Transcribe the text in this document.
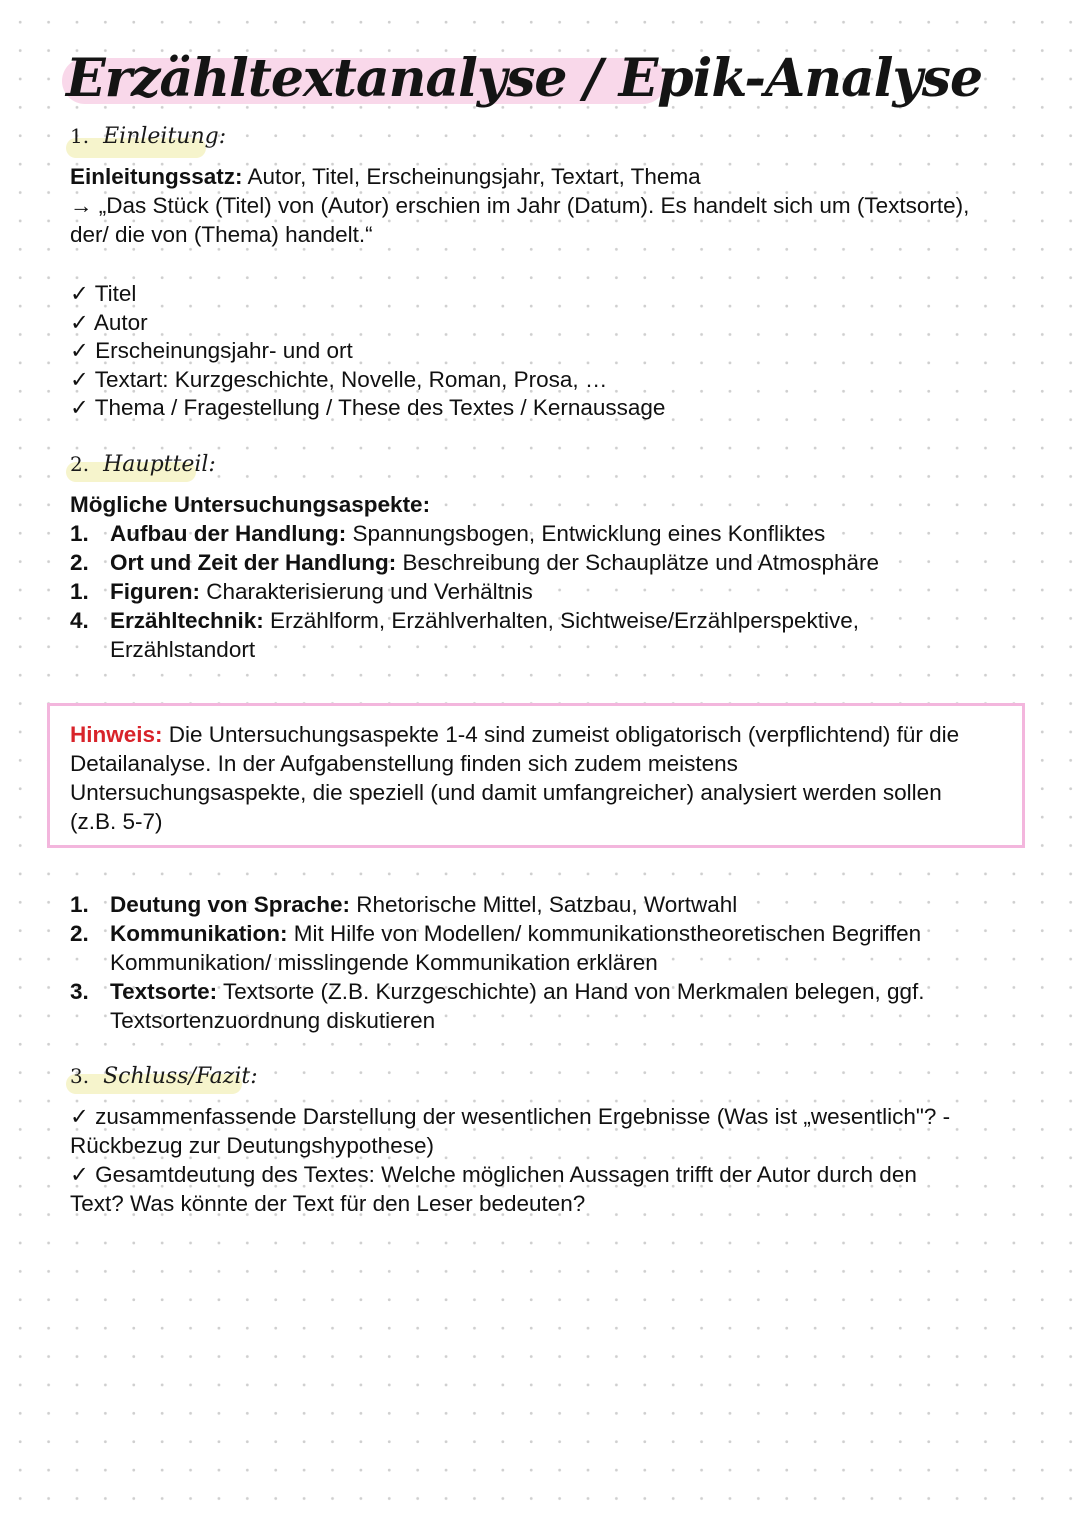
Erzähltextanalyse / Epik-Analyse
1. Einleitung:
Einleitungssatz: Autor, Titel, Erscheinungsjahr, Textart, Thema
→ „Das Stück (Titel) von (Autor) erschien im Jahr (Datum). Es handelt sich um (Textsorte),
der/ die von (Thema) handelt.“
✓ Titel
✓ Autor
✓ Erscheinungsjahr- und ort
✓ Textart: Kurzgeschichte, Novelle, Roman, Prosa, …
✓ Thema / Fragestellung / These des Textes / Kernaussage
2. Hauptteil:
Mögliche Untersuchungsaspekte:
1. Aufbau der Handlung: Spannungsbogen, Entwicklung eines Konfliktes
2. Ort und Zeit der Handlung: Beschreibung der Schauplätze und Atmosphäre
1. Figuren: Charakterisierung und Verhältnis
4. Erzähltechnik: Erzählform, Erzählverhalten, Sichtweise/Erzählperspektive,
Erzählstandort
Hinweis: Die Untersuchungsaspekte 1-4 sind zumeist obligatorisch (verpflichtend) für die
Detailanalyse. In der Aufgabenstellung finden sich zudem meistens
Untersuchungsaspekte, die speziell (und damit umfangreicher) analysiert werden sollen
(z.B. 5-7)
1. Deutung von Sprache: Rhetorische Mittel, Satzbau, Wortwahl
2. Kommunikation: Mit Hilfe von Modellen/ kommunikationstheoretischen Begriffen
Kommunikation/ misslingende Kommunikation erklären
3. Textsorte: Textsorte (Z.B. Kurzgeschichte) an Hand von Merkmalen belegen, ggf.
Textsortenzuordnung diskutieren
3. Schluss/Fazit:
✓ zusammenfassende Darstellung der wesentlichen Ergebnisse (Was ist „wesentlich"? -
Rückbezug zur Deutungshypothese)
✓ Gesamtdeutung des Textes: Welche möglichen Aussagen trifft der Autor durch den
Text? Was könnte der Text für den Leser bedeuten?
